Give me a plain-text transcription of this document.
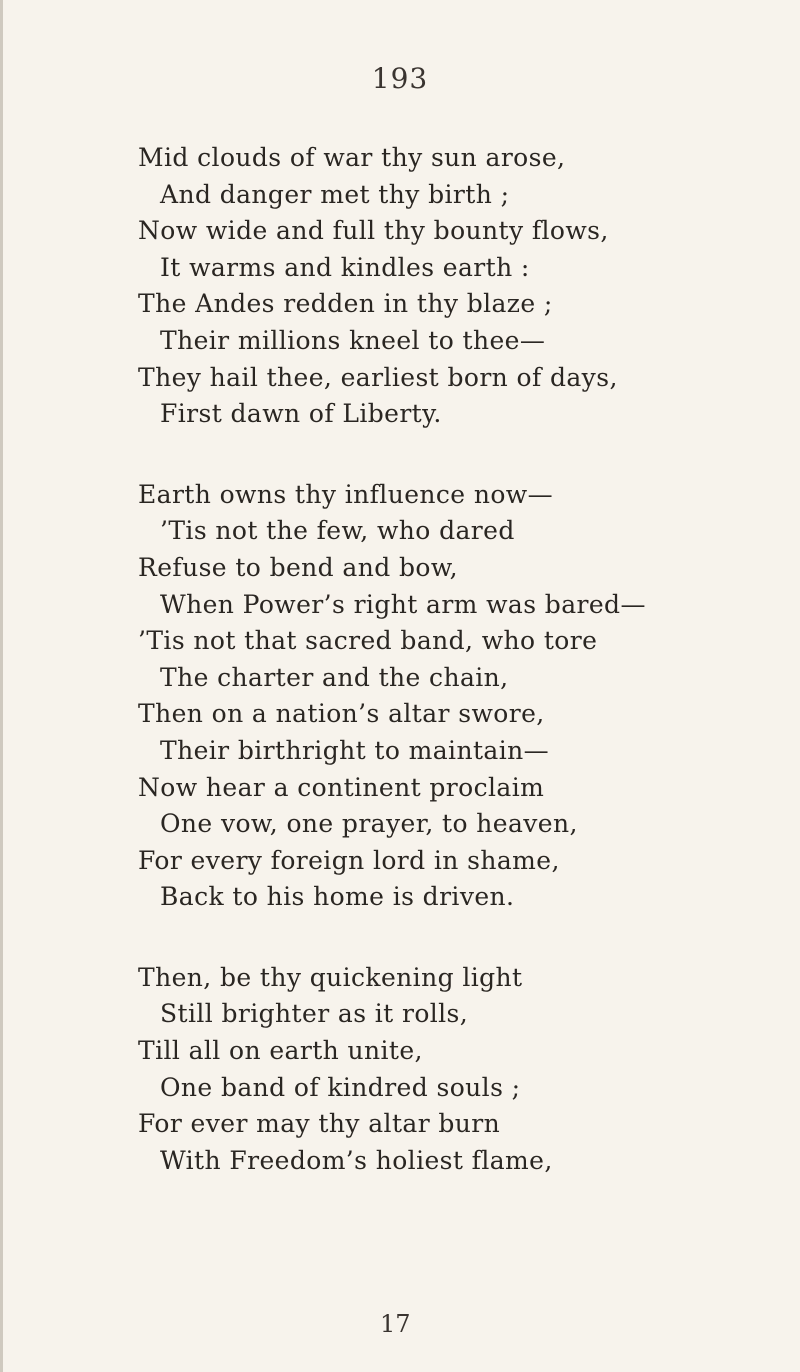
193
Mid clouds of war thy sun arose,
And danger met thy birth ;
Now wide and full thy bounty flows,
It warms and kindles earth :
The Andes redden in thy blaze ;
Their millions kneel to thee—
They hail thee, earliest born of days,
First dawn of Liberty.
Earth owns thy influence now—
’Tis not the few, who dared
Refuse to bend and bow,
When Power’s right arm was bared—
’Tis not that sacred band, who tore
The charter and the chain,
Then on a nation’s altar swore,
Their birthright to maintain—
Now hear a continent proclaim
One vow, one prayer, to heaven,
For every foreign lord in shame,
Back to his home is driven.
Then, be thy quickening light
Still brighter as it rolls,
Till all on earth unite,
One band of kindred souls ;
For ever may thy altar burn
With Freedom’s holiest flame,
17
